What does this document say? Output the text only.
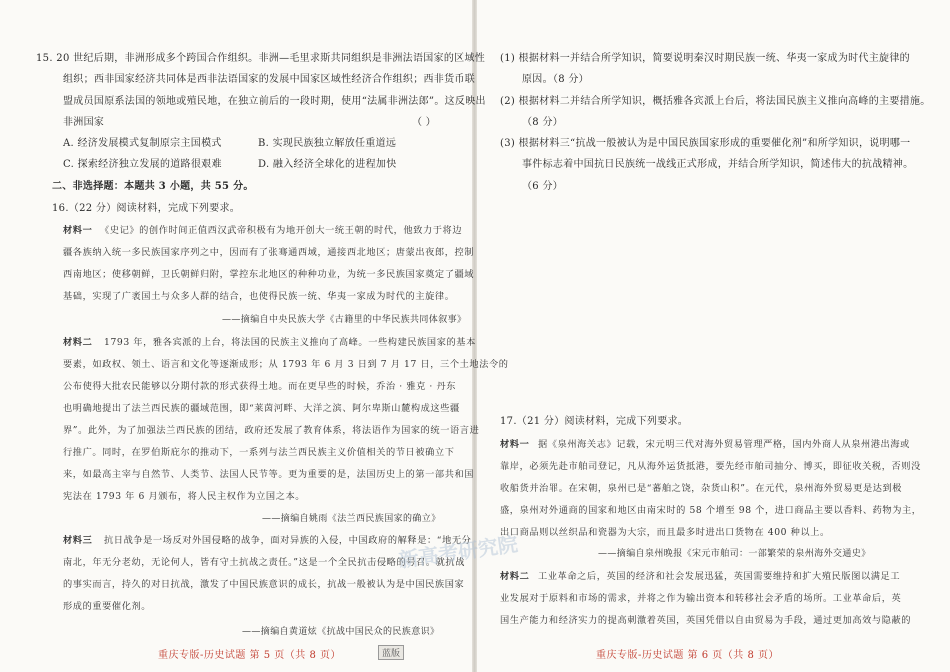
15. 20 世纪后期，非洲形成多个跨国合作组织。非洲—毛里求斯共同组织是非洲法语国家的区域性
组织；西非国家经济共同体是西非法语国家的发展中国家区域性经济合作组织；西非货币联
盟成员国原系法国的领地或殖民地，在独立前后的一段时期，使用“法属非洲法郎”。这反映出
非洲国家	（ ）
A. 经济发展模式复制原宗主国模式	B. 实现民族独立解放任重道远
C. 探索经济独立发展的道路很艰难	D. 融入经济全球化的进程加快
二、非选择题：本题共 3 小题，共 55 分。
16.（22 分）阅读材料，完成下列要求。
材料一 《史记》的创作时间正值西汉武帝积极有为地开创大一统王朝的时代，他致力于将边
疆各族纳入统一多民族国家序列之中，因而有了张骞通西域，通接西北地区；唐蒙出夜郎，控制
西南地区；使移朝鲜，卫氏朝鲜归附，掌控东北地区的种种功业，为统一多民族国家奠定了疆域
基础，实现了广袤国土与众多人群的结合，也使得民族一统、华夷一家成为时代的主旋律。
——摘编自中央民族大学《古籍里的中华民族共同体叙事》
材料二 1793 年，雅各宾派的上台，将法国的民族主义推向了高峰。一些构建民族国家的基本
要素，如政权、领土、语言和文化等逐渐成形；从 1793 年 6 月 3 日到 7 月 17 日，三个土地法令的
公布使得大批农民能够以分期付款的形式获得土地。而在更早些的时候，乔治 · 雅克 · 丹东
也明确地提出了法兰西民族的疆域范围，即“莱茵河畔、大洋之滨、阿尔卑斯山麓构成这些疆
界”。此外，为了加强法兰西民族的团结，政府还发展了教育体系，将法语作为国家的统一语言进
行推广。同时，在罗伯斯庇尔的推动下，一系列与法兰西民族主义价值相关的节日被确立下
来，如最高主宰与自然节、人类节、法国人民节等。更为重要的是，法国历史上的第一部共和国
宪法在 1793 年 6 月颁布，将人民主权作为立国之本。
——摘编自姚雨《法兰西民族国家的确立》
材料三 抗日战争是一场反对外国侵略的战争，面对异族的入侵，中国政府的解释是：“地无分
南北，年无分老幼，无论何人，皆有守土抗战之责任。”这是一个全民抗击侵略的号召。就抗战
的事实而言，持久的对日抗战，激发了中国民族意识的成长，抗战一般被认为是中国民族国家
形成的重要催化剂。
——摘编自黄道炫《抗战中国民众的民族意识》
重庆专版-历史试题 第 5 页（共 8 页）	蓝版
(1) 根据材料一并结合所学知识，简要说明秦汉时期民族一统、华夷一家成为时代主旋律的
原因。（8 分）
(2) 根据材料二并结合所学知识，概括雅各宾派上台后，将法国民族主义推向高峰的主要措施。
（8 分）
(3) 根据材料三“抗战一般被认为是中国民族国家形成的重要催化剂”和所学知识，说明哪一
事件标志着中国抗日民族统一战线正式形成，并结合所学知识，简述伟大的抗战精神。
（6 分）
17.（21 分）阅读材料，完成下列要求。
材料一 据《泉州海关志》记载，宋元明三代对海外贸易管理严格，国内外商人从泉州港出海或
靠岸，必须先赴市舶司登记，凡从海外运货抵港，要先经市舶司抽分、博买，即征收关税，否则没
收船货并治罪。在宋朝，泉州已是“蕃舶之饶，杂货山积”。在元代，泉州海外贸易更是达到极
盛，泉州对外通商的国家和地区由南宋时的 58 个增至 98 个，进口商品主要以香料、药物为主，
出口商品则以丝织品和瓷器为大宗，而且最多时进出口货物在 400 种以上。
——摘编自泉州晚报《宋元市舶司：一部繁荣的泉州海外交通史》
材料二 工业革命之后，英国的经济和社会发展迅猛，英国需要维持和扩大殖民版图以满足工
业发展对于原料和市场的需求，并将之作为输出资本和转移社会矛盾的场所。工业革命后，英
国生产能力和经济实力的提高刺激着英国，英国凭借以自由贸易为手段，通过更加高效与隐蔽的
重庆专版-历史试题 第 6 页（共 8 页）
新高考研究院
